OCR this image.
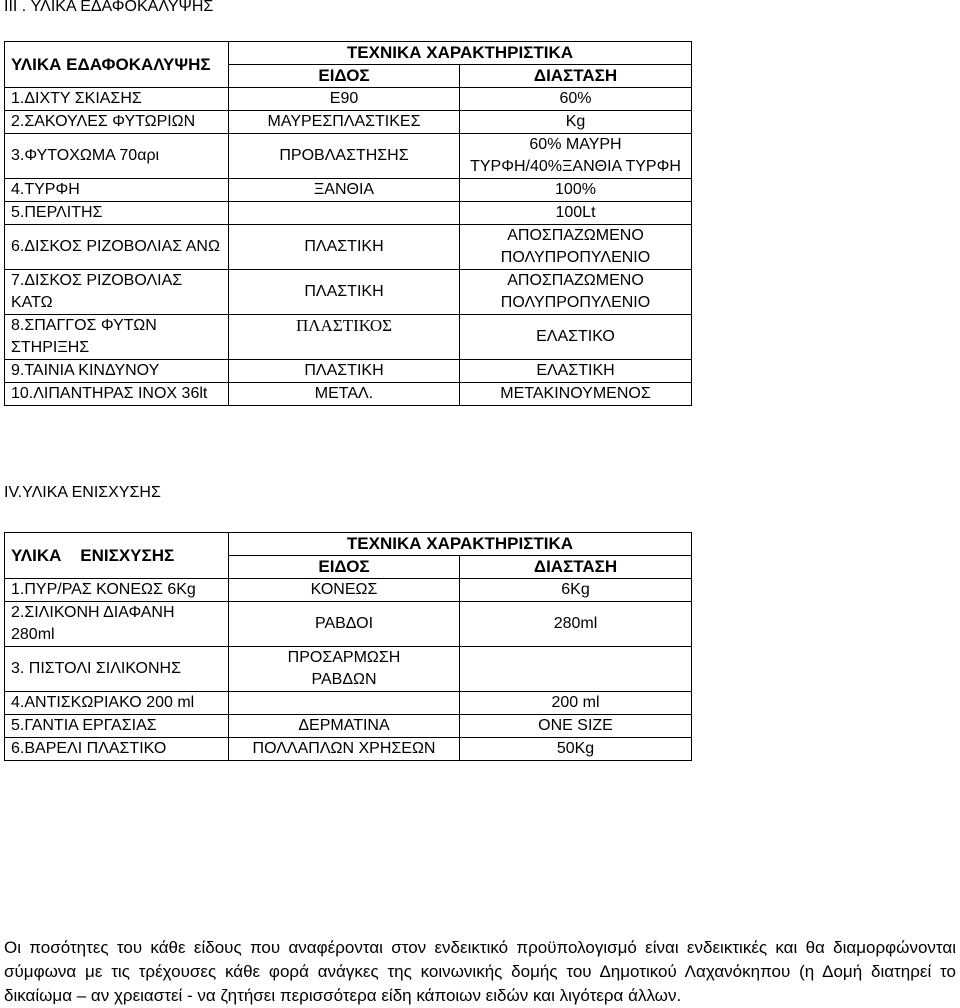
III . ΥΛΙΚΑ ΕΔΑΦΟΚΑΛΥΨΗΣ
ΥΛΙΚΑ ΕΔΑΦΟΚΑΛΥΨΗΣ	ΤΕΧΝΙΚΑ ΧΑΡΑΚΤΗΡΙΣΤΙΚΑ	
	ΕΙΔΟΣ	ΔΙΑΣΤΑΣΗ
1.ΔΙΧΤΥ ΣΚΙΑΣΗΣ	E90	60%
2.ΣΑΚΟΥΛΕΣ ΦΥΤΩΡΙΩΝ	ΜΑΥΡΕΣΠΛΑΣΤΙΚΕΣ	Kg
3.ΦΥΤΟΧΩΜΑ 70αρι	ΠΡΟΒΛΑΣΤΗΣΗΣ	60% ΜΑΥΡΗ
ΤΥΡΦΗ/40%ΞΑΝΘΙΑ ΤΥΡΦΗ
4.ΤΥΡΦΗ	ΞΑΝΘΙΑ	100%
5.ΠΕΡΛΙΤΗΣ		100Lt
6.ΔΙΣΚΟΣ ΡΙΖΟΒΟΛΙΑΣ ΑΝΩ	ΠΛΑΣΤΙΚΗ	ΑΠΟΣΠΑΖΩΜΕΝΟ
ΠΟΛΥΠΡΟΠΥΛΕΝΙΟ
7.ΔΙΣΚΟΣ ΡΙΖΟΒΟΛΙΑΣ ΚΑΤΩ	ΠΛΑΣΤΙΚΗ	ΑΠΟΣΠΑΖΩΜΕΝΟ
ΠΟΛΥΠΡΟΠΥΛΕΝΙΟ
8.ΣΠΑΓΓΟΣ ΦΥΤΩΝ
ΣΤΗΡΙΞΗΣ	ΠΛΑΣΤΙΚΟΣ	ΕΛΑΣΤΙΚΟ
9.ΤΑΙΝΙΑ ΚΙΝΔΥΝΟΥ	ΠΛΑΣΤΙΚΗ	ΕΛΑΣΤΙΚΗ
10.ΛΙΠΑΝΤΗΡΑΣ ΙΝΟΧ 36lt	ΜΕΤΑΛ.	ΜΕΤΑΚΙΝΟΥΜΕΝΟΣ
IV.ΥΛΙΚΑ ΕΝΙΣΧΥΣΗΣ
ΥΛΙΚΑ    ΕΝΙΣΧΥΣΗΣ	ΤΕΧΝΙΚΑ ΧΑΡΑΚΤΗΡΙΣΤΙΚΑ	
	ΕΙΔΟΣ	ΔΙΑΣΤΑΣΗ
1.ΠΥΡ/ΡΑΣ ΚΟΝΕΩΣ 6Kg	ΚΟΝΕΩΣ	6Kg
2.ΣΙΛΙΚΟΝΗ ΔΙΑΦΑΝΗ
280ml	ΡΑΒΔΟΙ	280ml
3. ΠΙΣΤΟΛΙ ΣΙΛΙΚΟΝΗΣ	ΠΡΟΣΑΡΜΩΣΗ
ΡΑΒΔΩΝ	
4.ΑΝΤΙΣΚΩΡΙΑΚΟ 200 ml		200 ml
5.ΓΑΝΤΙΑ ΕΡΓΑΣΙΑΣ	ΔΕΡΜΑΤΙΝΑ	ONE SIZE
6.ΒΑΡΕΛΙ ΠΛΑΣΤΙΚΟ	ΠΟΛΛΑΠΛΩΝ ΧΡΗΣΕΩΝ	50Kg
Οι ποσότητες του κάθε είδους που αναφέρονται στον ενδεικτικό προϋπολογισμό είναι ενδεικτικές και θα διαμορφώνονται σύμφωνα με τις τρέχουσες κάθε φορά ανάγκες της κοινωνικής δομής του Δημοτικού Λαχανόκηπου (η Δομή διατηρεί το δικαίωμα – αν χρειαστεί - να ζητήσει περισσότερα είδη κάποιων ειδών και λιγότερα άλλων.
